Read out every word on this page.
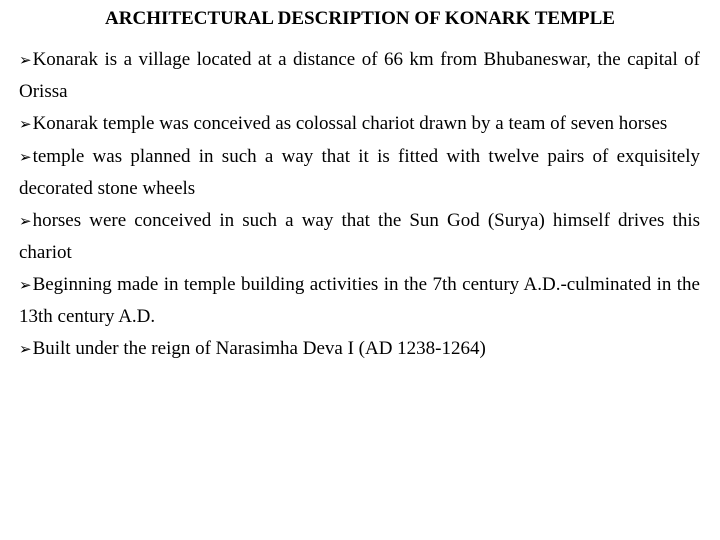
ARCHITECTURAL DESCRIPTION OF KONARK TEMPLE
➢Konarak is a village located at a distance of 66 km from Bhubaneswar, the capital of Orissa
➢Konarak temple was conceived as colossal chariot drawn by a team of seven horses
➢temple was planned in such a way that it is fitted with twelve pairs of exquisitely decorated stone wheels
➢horses were conceived in such a way that the Sun God (Surya) himself drives this chariot
➢Beginning made in temple building activities in the 7th century A.D.-culminated in the 13th century A.D.
➢Built under the reign of Narasimha Deva I (AD 1238-1264)
